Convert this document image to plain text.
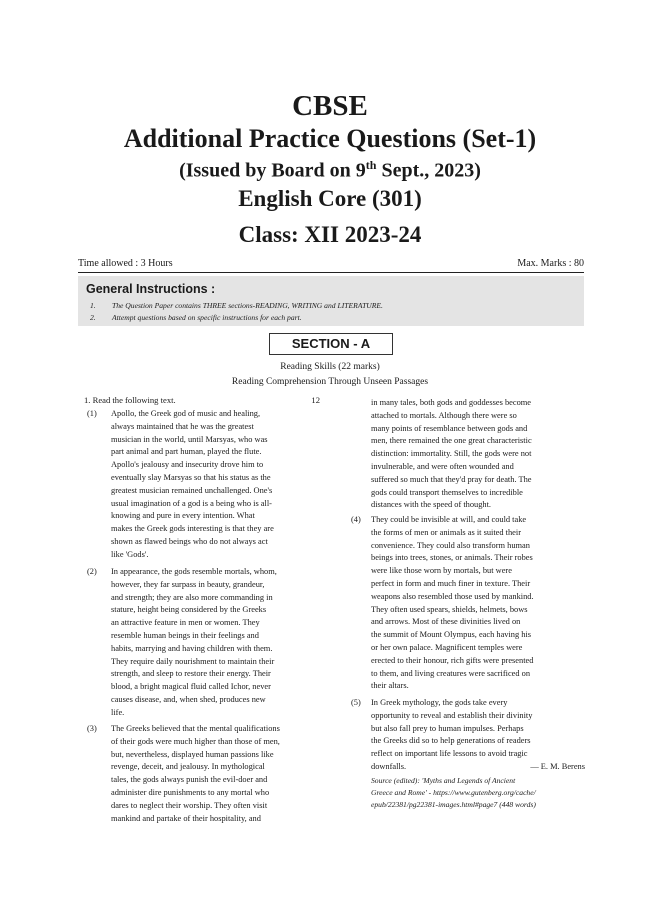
CBSE
Additional Practice Questions (Set-1)
(Issued by Board on 9th Sept., 2023)
English Core (301)
Class: XII 2023-24
Time allowed : 3 Hours	Max. Marks : 80
General Instructions :
1. The Question Paper contains THREE sections-READING, WRITING and LITERATURE.
2. Attempt questions based on specific instructions for each part.
SECTION - A
Reading Skills (22 marks)
Reading Comprehension Through Unseen Passages
1. Read the following text.	12
(1) Apollo, the Greek god of music and healing,
always maintained that he was the greatest
musician in the world, until Marsyas, who was
part animal and part human, played the flute.
Apollo's jealousy and insecurity drove him to
eventually slay Marsyas so that his status as the
greatest musician remained unchallenged. One's
usual imagination of a god is a being who is all-
knowing and pure in every intention. What
makes the Greek gods interesting is that they are
shown as flawed beings who do not always act
like 'Gods'.
(2) In appearance, the gods resemble mortals, whom,
however, they far surpass in beauty, grandeur,
and strength; they are also more commanding in
stature, height being considered by the Greeks
an attractive feature in men or women. They
resemble human beings in their feelings and
habits, marrying and having children with them.
They require daily nourishment to maintain their
strength, and sleep to restore their energy. Their
blood, a bright magical fluid called Ichor, never
causes disease, and, when shed, produces new
life.
(3) The Greeks believed that the mental qualifications
of their gods were much higher than those of men,
but, nevertheless, displayed human passions like
revenge, deceit, and jealousy. In mythological
tales, the gods always punish the evil-doer and
administer dire punishments to any mortal who
dares to neglect their worship. They often visit
mankind and partake of their hospitality, and
in many tales, both gods and goddesses become
attached to mortals. Although there were so
many points of resemblance between gods and
men, there remained the one great characteristic
distinction: immortality. Still, the gods were not
invulnerable, and were often wounded and
suffered so much that they'd pray for death. The
gods could transport themselves to incredible
distances with the speed of thought.
(4) They could be invisible at will, and could take
the forms of men or animals as it suited their
convenience. They could also transform human
beings into trees, stones, or animals. Their robes
were like those worn by mortals, but were
perfect in form and much finer in texture. Their
weapons also resembled those used by mankind.
They often used spears, shields, helmets, bows
and arrows. Most of these divinities lived on
the summit of Mount Olympus, each having his
or her own palace. Magnificent temples were
erected to their honour, rich gifts were presented
to them, and living creatures were sacrificed on
their altars.
(5) In Greek mythology, the gods take every
opportunity to reveal and establish their divinity
but also fall prey to human impulses. Perhaps
the Greeks did so to help generations of readers
reflect on important life lessons to avoid tragic
downfalls.	— E. M. Berens
Source (edited): 'Myths and Legends of Ancient
Greece and Rome' - https://www.gutenberg.org/cache/
epub/22381/pg22381-images.html#page7 (448 words)
